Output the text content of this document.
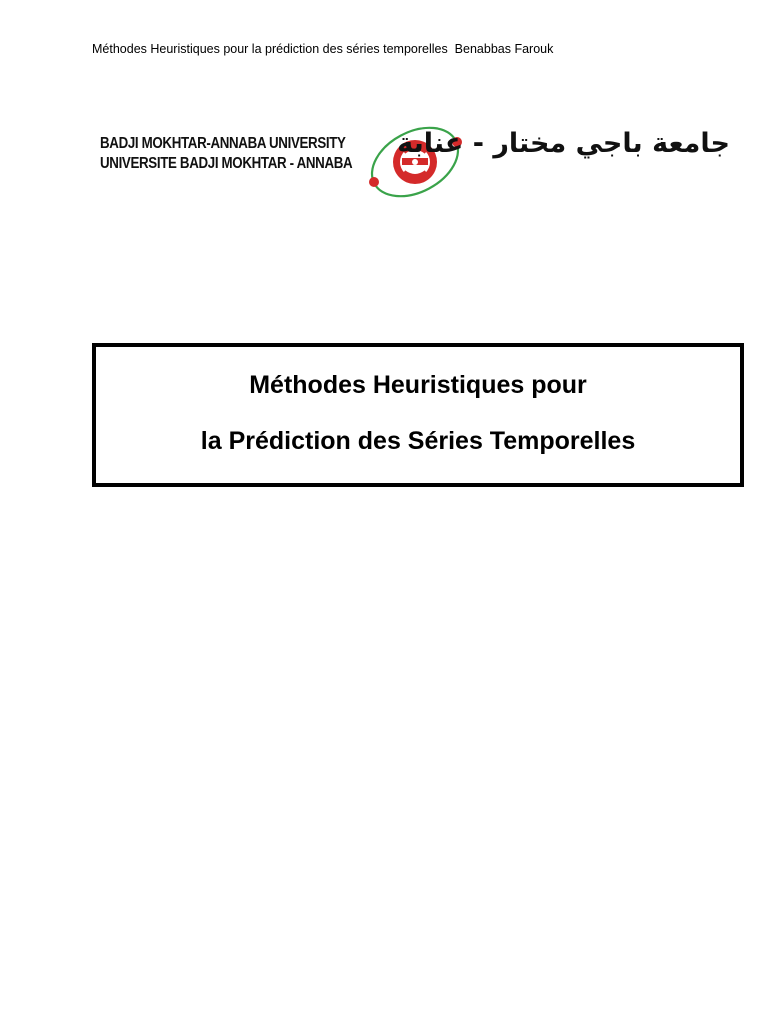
Méthodes Heuristiques pour la prédiction des séries temporelles  Benabbas Farouk
BADJI MOKHTAR-ANNABA UNIVERSITY
UNIVERSITE BADJI MOKHTAR - ANNABA
جامعة باجي مختار - عنابة
Méthodes Heuristiques pour
la Prédiction des Séries Temporelles
